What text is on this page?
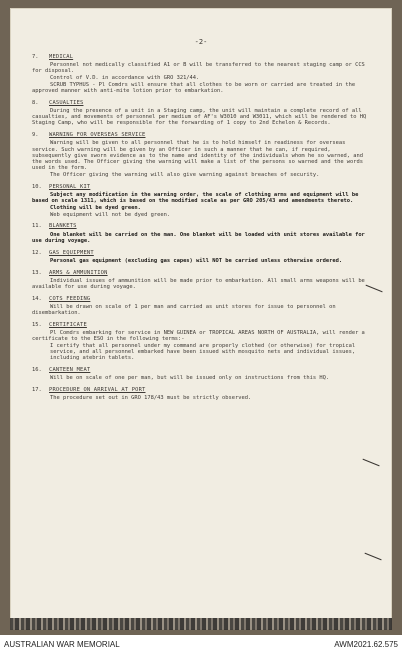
-2-
7.	MEDICAL
Personnel not medically classified A1 or B will be transferred to the nearest staging camp or CCS for disposal.
Control of V.D. in accordance with GRO 321/44.
SCRUB TYPHUS - Pl Comdrs will ensure that all clothes to be worn or carried are treated in the approved manner with anti-mite lotion prior to embarkation.
8.	CASUALTIES
During the presence of a unit in a Staging camp, the unit will maintain a complete record of all casualties, and movements of personnel per medium of AF's W3010 and W3011, which will be rendered to HQ Staging Camp, who will be responsible for the forwarding of 1 copy to 2nd Echelon & Records.
9.	WARNING FOR OVERSEAS SERVICE
Warning will be given to all personnel that he is to hold himself in readiness for overseas service. Such warning will be given by an Officer in such a manner that he can, if required, subsequently give sworn evidence as to the name and identity of the individuals whom he so warned, and the words used. The Officer giving the warning will make a list of the persons so warned and the words used in the form.
The Officer giving the warning will also give warning against breaches of security.
10.	PERSONAL KIT
Subject any modification in the warning order, the scale of clothing arms and equipment will be based on scale 1311, which is based on the modified scale as per GRO 205/43 and amendments thereto.
Clothing will be dyed green.
Web equipment will not be dyed green.
11.	BLANKETS
One blanket will be carried on the man. One blanket will be loaded with unit stores available for use during voyage.
12.	GAS EQUIPMENT
Personal gas equipment (excluding gas capes) will NOT be carried unless otherwise ordered.
13.	ARMS & AMMUNITION
Individual issues of ammunition will be made prior to embarkation. All small arms weapons will be available for use during voyage.
14.	COTS FEEDING
Will be drawn on scale of 1 per man and carried as unit stores for issue to personnel on disembarkation.
15.	CERTIFICATE
Pl Comdrs embarking for service in NEW GUINEA or TROPICAL AREAS NORTH OF AUSTRALIA, will render a certificate to the ESO in the following terms:-
I certify that all personnel under my command are properly clothed (or otherwise) for tropical service, and all personnel embarked have been issued with mosquito nets and individual issues, including atebrin tablets.
16.	CANTEEN MEAT
Will be on scale of one per man, but will be issued only on instructions from this HQ.
17.	PROCEDURE ON ARRIVAL AT PORT
The procedure set out in GRO 178/43 must be strictly observed.
AUSTRALIAN WAR MEMORIAL	AWM2021.62.575
